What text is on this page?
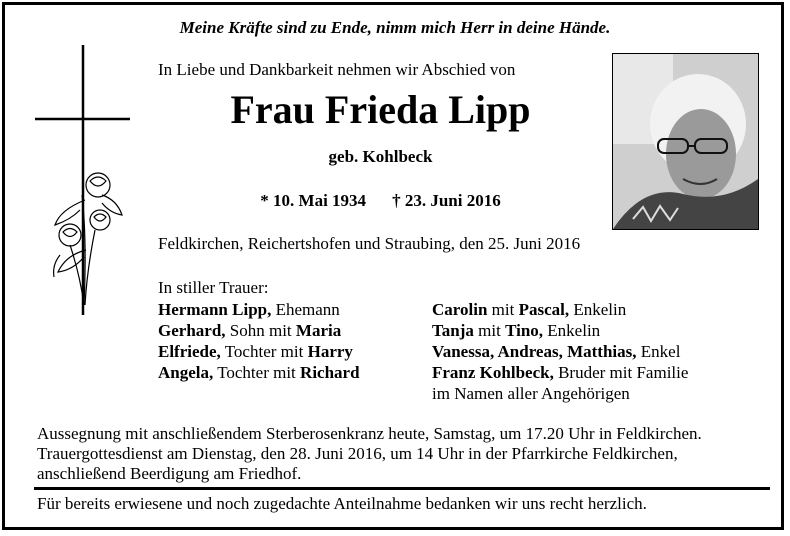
Meine Kräfte sind zu Ende, nimm mich Herr in deine Hände.
In Liebe und Dankbarkeit nehmen wir Abschied von
Frau Frieda Lipp
geb. Kohlbeck
* 10. Mai 1934 † 23. Juni 2016
Feldkirchen, Reichertshofen und Straubing, den 25. Juni 2016
In stiller Trauer:
Hermann Lipp, Ehemann
Gerhard, Sohn mit Maria
Elfriede, Tochter mit Harry
Angela, Tochter mit Richard
Carolin mit Pascal, Enkelin
Tanja mit Tino, Enkelin
Vanessa, Andreas, Matthias, Enkel
Franz Kohlbeck, Bruder mit Familie
im Namen aller Angehörigen
Aussegnung mit anschließendem Sterberosenkranz heute, Samstag, um 17.20 Uhr in Feldkirchen.
Trauergottesdienst am Dienstag, den 28. Juni 2016, um 14 Uhr in der Pfarrkirche Feldkirchen,
anschließend Beerdigung am Friedhof.
Für bereits erwiesene und noch zugedachte Anteilnahme bedanken wir uns recht herzlich.
